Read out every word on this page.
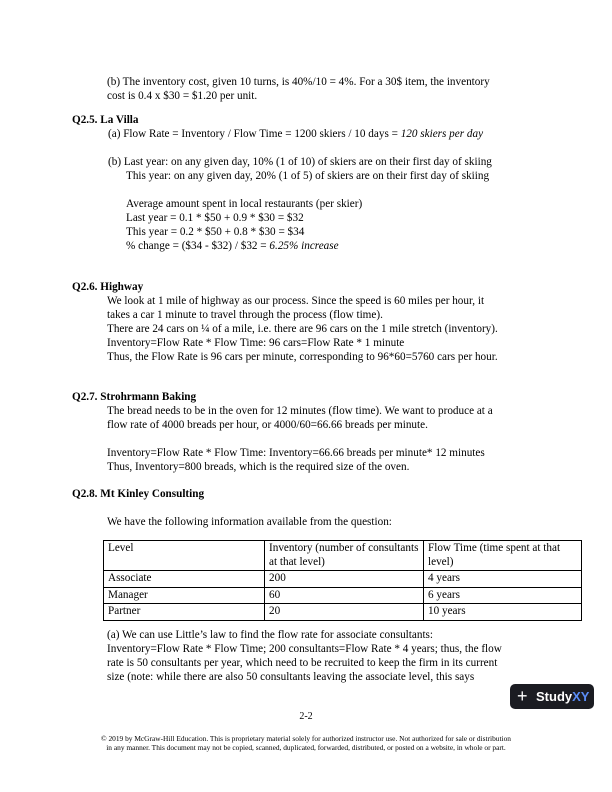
(b) The inventory cost, given 10 turns, is 40%/10 = 4%. For a 30$ item, the inventory
cost is 0.4 x $30 = $1.20 per unit.
Q2.5. La Villa
(a) Flow Rate = Inventory / Flow Time = 1200 skiers / 10 days = 120 skiers per day
(b) Last year: on any given day, 10% (1 of 10) of skiers are on their first day of skiing
This year: on any given day, 20% (1 of 5) of skiers are on their first day of skiing
Average amount spent in local restaurants (per skier)
Last year = 0.1 * $50 + 0.9 * $30 = $32
This year = 0.2 * $50 + 0.8 * $30 = $34
% change = ($34 - $32) / $32 = 6.25% increase
Q2.6. Highway
We look at 1 mile of highway as our process. Since the speed is 60 miles per hour, it
takes a car 1 minute to travel through the process (flow time).
There are 24 cars on ¼ of a mile, i.e. there are 96 cars on the 1 mile stretch (inventory).
Inventory=Flow Rate * Flow Time: 96 cars=Flow Rate * 1 minute
Thus, the Flow Rate is 96 cars per minute, corresponding to 96*60=5760 cars per hour.
Q2.7. Strohrmann Baking
The bread needs to be in the oven for 12 minutes (flow time). We want to produce at a
flow rate of 4000 breads per hour, or 4000/60=66.66 breads per minute.
Inventory=Flow Rate * Flow Time: Inventory=66.66 breads per minute* 12 minutes
Thus, Inventory=800 breads, which is the required size of the oven.
Q2.8. Mt Kinley Consulting
We have the following information available from the question:
Level	Inventory (number of consultants at that level)	Flow Time (time spent at that level)
Associate	200	4 years
Manager	60	6 years
Partner	20	10 years
(a) We can use Little’s law to find the flow rate for associate consultants:
Inventory=Flow Rate * Flow Time; 200 consultants=Flow Rate * 4 years; thus, the flow
rate is 50 consultants per year, which need to be recruited to keep the firm in its current
size (note: while there are also 50 consultants leaving the associate level, this says
+ StudyXY
2-2
© 2019 by McGraw-Hill Education. This is proprietary material solely for authorized instructor use. Not authorized for sale or distribution in any manner. This document may not be copied, scanned, duplicated, forwarded, distributed, or posted on a website, in whole or part.
